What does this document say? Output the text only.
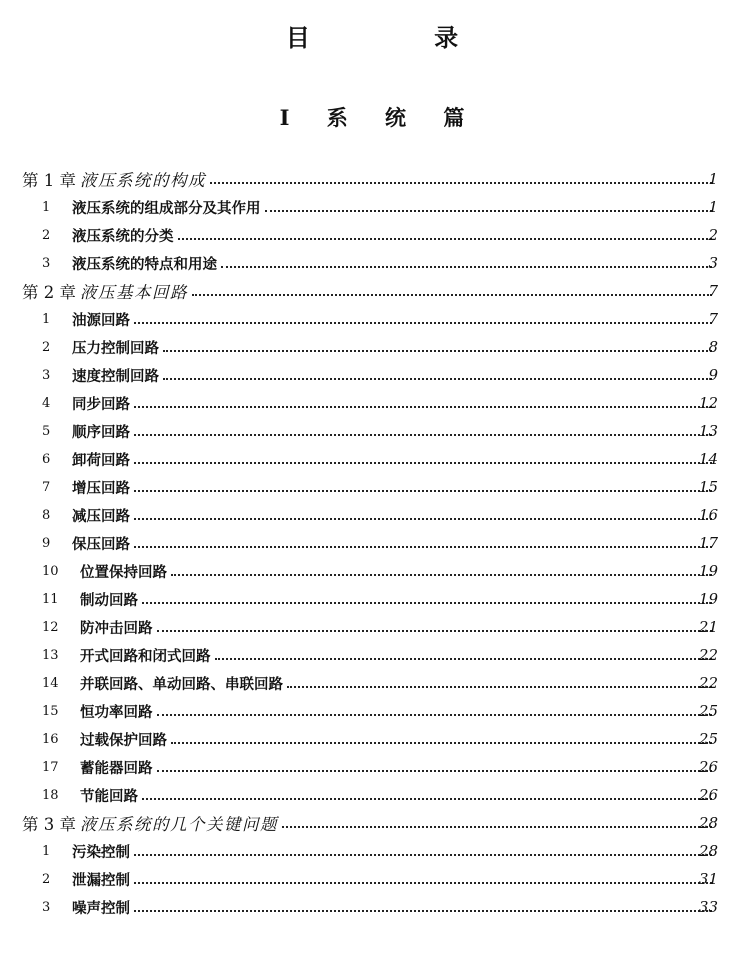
目 录
I 系 统 篇
第 1 章 液压系统的构成	1
1	液压系统的组成部分及其作用	1
2	液压系统的分类	2
3	液压系统的特点和用途	3
第 2 章 液压基本回路	7
1	油源回路	7
2	压力控制回路	8
3	速度控制回路	9
4	同步回路	12
5	顺序回路	13
6	卸荷回路	14
7	增压回路	15
8	减压回路	16
9	保压回路	17
10	位置保持回路	19
11	制动回路	19
12	防冲击回路	21
13	开式回路和闭式回路	22
14	并联回路、单动回路、串联回路	22
15	恒功率回路	25
16	过载保护回路	25
17	蓄能器回路	26
18	节能回路	26
第 3 章 液压系统的几个关键问题	28
1	污染控制	28
2	泄漏控制	31
3	噪声控制	33
